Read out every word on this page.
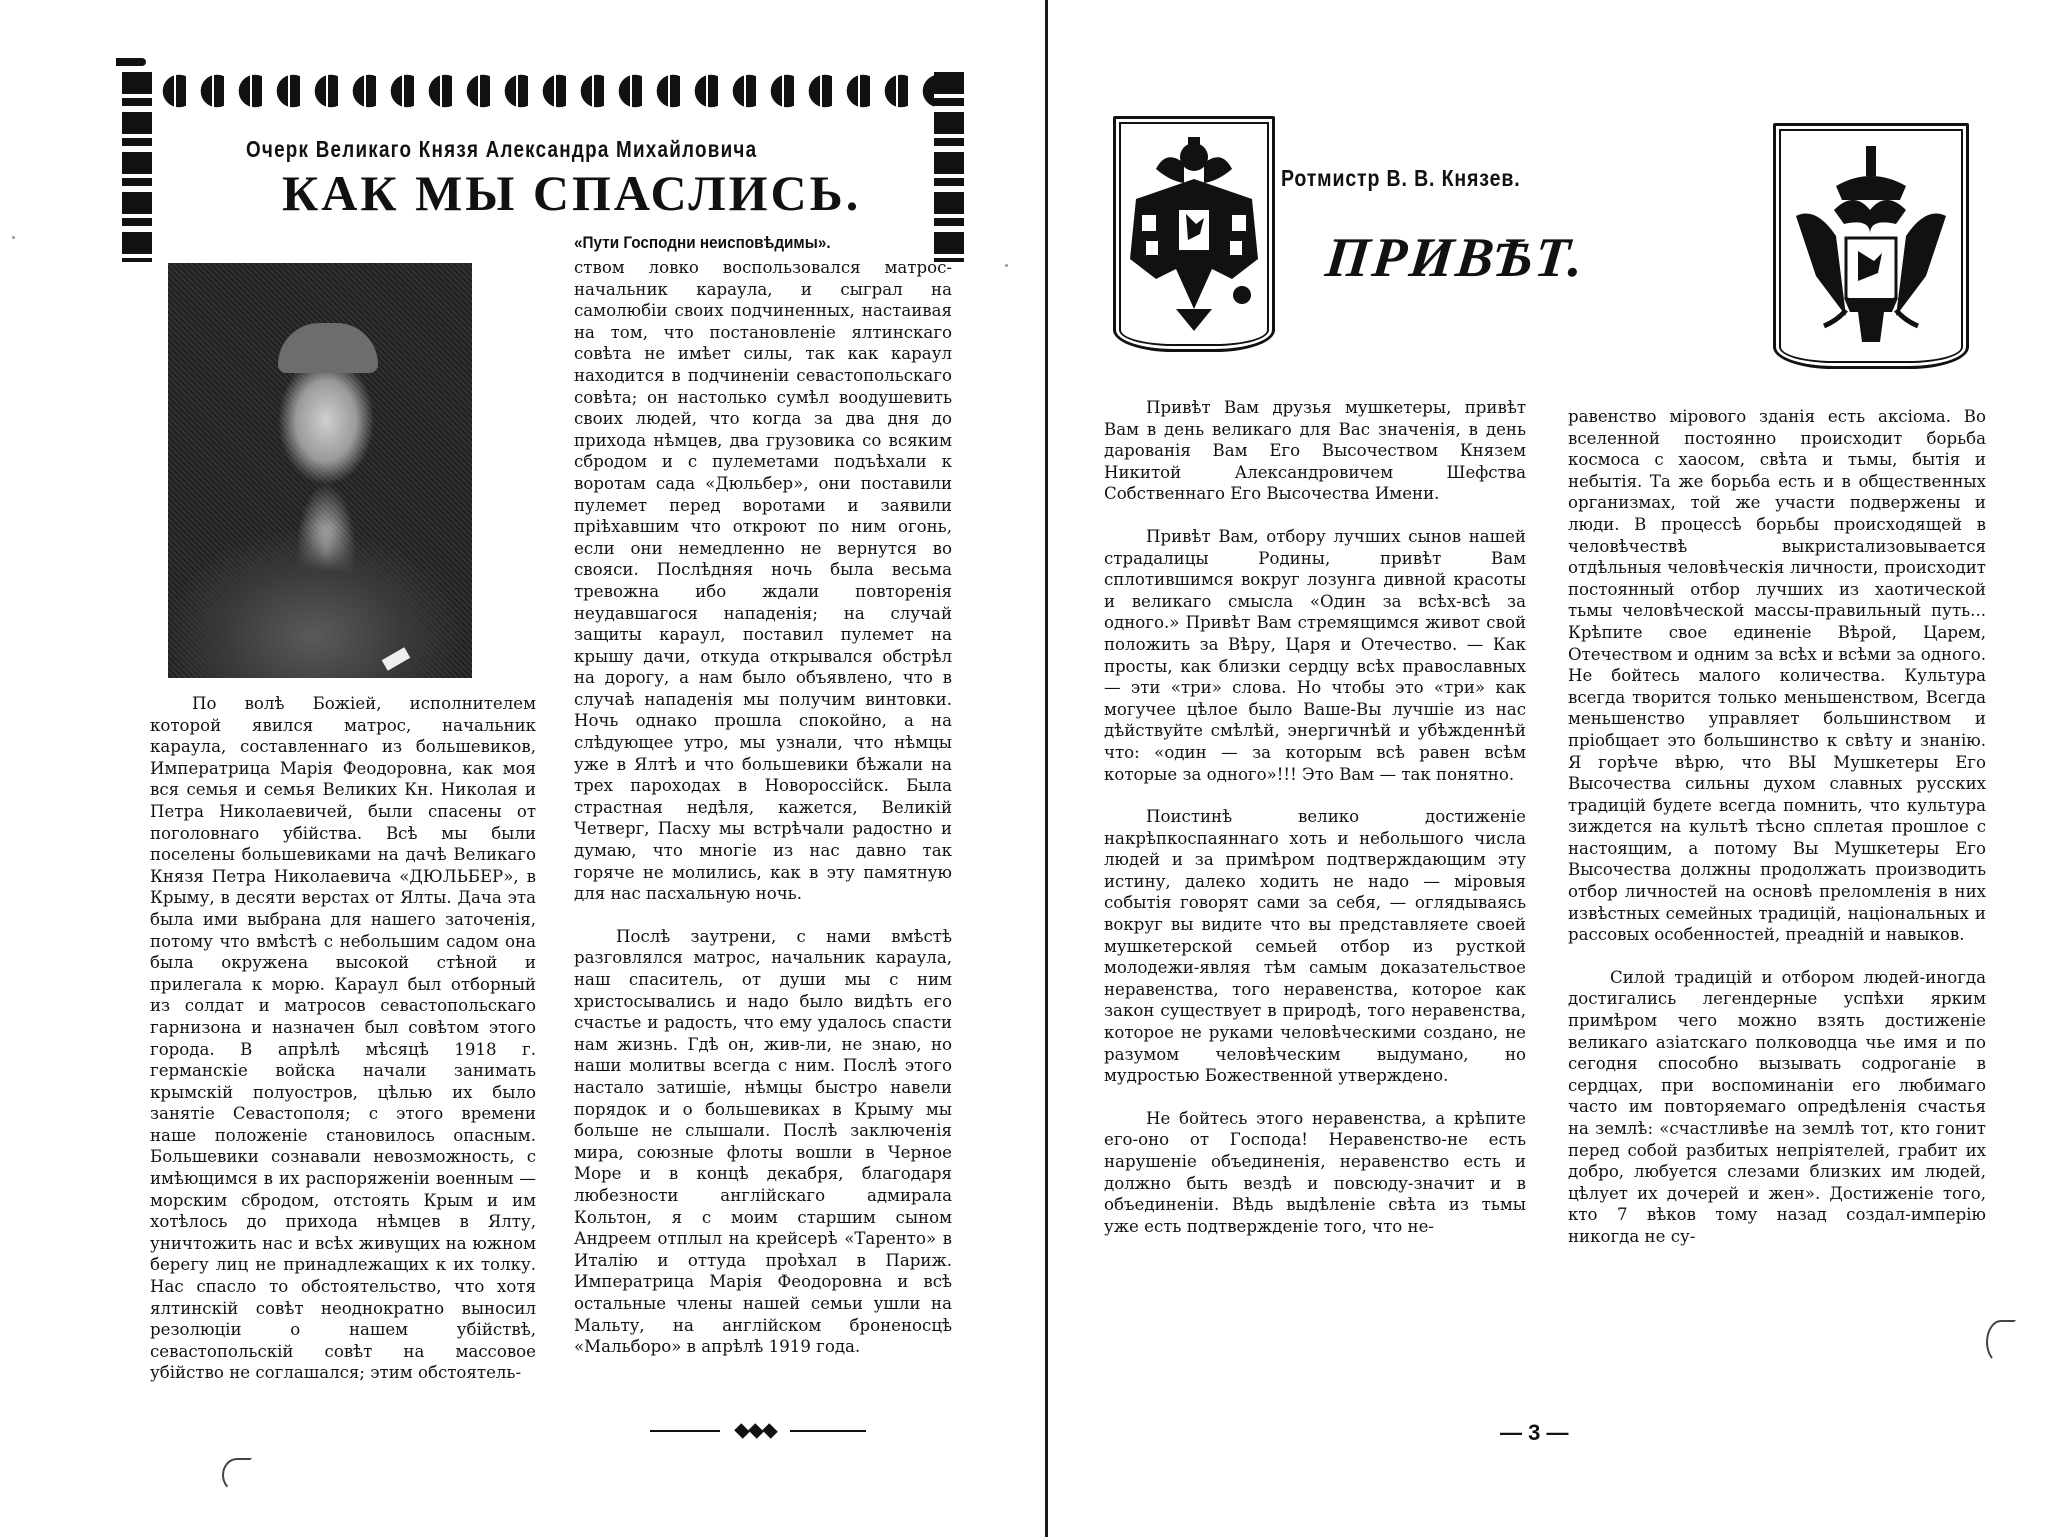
Очерк Великаго Князя Александра Михайловича
КАК МЫ СПАСЛИСЬ.

По волѣ Божіей, исполнителем которой явился матрос, начальник караула, составленнаго из большевиков, Императрица Марія Феодоровна, как моя вся семья и семья Великих Кн. Николая и Петра Николаевичей, были спасены от поголовнаго убійства. Всѣ мы были поселены большевиками на дачѣ Великаго Князя Петра Николаевича «ДЮЛЬБЕР», в Крыму, в десяти верстах от Ялты. Дача эта была ими выбрана для нашего заточенія, потому что вмѣстѣ с небольшим садом она была окружена высокой стѣной и прилегала к морю. Караул был отборный из солдат и матросов севастопольскаго гарнизона и назначен был совѣтом этого города. В апрѣлѣ мѣсяцѣ 1918 г. германскіе войска начали занимать крымскій полуостров, цѣлью их было занятіе Севастополя; с этого времени наше положеніе становилось опасным. Большевики сознавали невозможность, с имѣющимся в их распоряженіи военным — морским сбродом, отстоять Крым и им хотѣлось до прихода нѣмцев в Ялту, уничтожить нас и всѣх живущих на южном берегу лиц не принадлежащих к их толку. Нас спасло то обстоятельство, что хотя ялтинскій совѣт неоднократно выносил резолюціи о нашем убійствѣ, севастопольскій совѣт на массовое убійство не соглашался; этим обстоятель-

«Пути Господни неисповѣдимы».

ством ловко воспользовался матрос-начальник караула, и сыграл на самолюбіи своих подчиненных, настаивая на том, что постановленіе ялтинскаго совѣта не имѣет силы, так как караул находится в подчиненіи севастопольскаго совѣта; он настолько сумѣл воодушевить своих людей, что когда за два дня до прихода нѣмцев, два грузовика со всяким сбродом и с пулеметами подъѣхали к воротам сада «Дюльбер», они поставили пулемет перед воротами и заявили пріѣхавшим что откроют по ним огонь, если они немедленно не вернутся во свояси. Послѣдняя ночь была весьма тревожна ибо ждали повторенія неудавшагося нападенія; на случай защиты караул, поставил пулемет на крышу дачи, откуда открывался обстрѣл на дорогу, а нам было объявлено, что в случаѣ нападенія мы получим винтовки. Ночь однако прошла спокойно, а на слѣдующее утро, мы узнали, что нѣмцы уже в Ялтѣ и что большевики бѣжали на трех пароходах в Новороссійск. Была страстная недѣля, кажется, Великій Четверг, Пасху мы встрѣчали радостно и думаю, что многіе из нас давно так горяче не молились, как в эту памятную для нас пасхальную ночь.

Послѣ заутрени, с нами вмѣстѣ разговлялся матрос, начальник караула, наш спаситель, от души мы с ним христосывались и надо было видѣть его счастье и радость, что ему удалось спасти нам жизнь. Гдѣ он, жив-ли, не знаю, но наши молитвы всегда с ним. Послѣ этого настало затишіе, нѣмцы быстро навели порядок и о большевиках в Крыму мы больше не слышали. Послѣ заключенія мира, союзные флоты вошли в Черное Море и в концѣ декабря, благодаря любезности англійскаго адмирала Кольтон, я с моим старшим сыном Андреем отплыл на крейсерѣ «Таренто» в Италію и оттуда проѣхал в Париж. Императрица Марія Феодоровна и всѣ остальные члены нашей семьи ушли на Мальту, на англійском броненосцѣ «Мальборо» в апрѣлѣ 1919 года.

Ротмистр В. В. Князев.
ПРИВѢТ.

Привѣт Вам друзья мушкетеры, привѣт Вам в день великаго для Вас значенія, в день дарованія Вам Его Высочеством Князем Никитой Александровичем Шефства Собственнаго Его Высочества Имени.

Привѣт Вам, отбору лучших сынов нашей страдалицы Родины, привѣт Вам сплотившимся вокруг лозунга дивной красоты и великаго смысла «Один за всѣх-всѣ за одного.» Привѣт Вам стремящимся живот свой положить за Вѣру, Царя и Отечество. — Как просты, как близки сердцу всѣх православных — эти «три» слова. Но чтобы это «три» как могучее цѣлое было Ваше-Вы лучшіе из нас дѣйствуйте смѣлѣй, энергичнѣй и убѣжденнѣй что: «один — за которым всѣ равен всѣм которые за одного»!!! Это Вам — так понятно.

Поистинѣ велико достиженіе накрѣпкоспаяннаго хоть и небольшого числа людей и за примѣром подтверждающим эту истину, далеко ходить не надо — міровыя событія говорят сами за себя, — оглядываясь вокруг вы видите что вы представляете своей мушкетерской семьей отбор из русткой молодежи-являя тѣм самым доказательствое неравенства, того неравенства, которое как закон существует в природѣ, того неравенства, которое не руками человѣческими создано, не разумом человѣческим выдумано, но мудростью Божественной утверждено.

Не бойтесь этого неравенства, а крѣпите его-оно от Господа! Неравенство-не есть нарушеніе объединенія, неравенство есть и должно быть вездѣ и повсюду-значит и в объединеніи. Вѣдь выдѣленіе свѣта из тьмы уже есть подтвержденіе того, что не-

равенство мірового зданія есть аксіома. Во вселенной постоянно происходит борьба космоса с хаосом, свѣта и тьмы, бытія и небытія. Та же борьба есть и в общественных организмах, той же участи подвержены и люди. В процессѣ борьбы происходящей в человѣчествѣ выкристализовывается отдѣльныя человѣческія личности, происходит постоянный отбор лучших из хаотической тьмы человѣческой массы-правильный путь... Крѣпите свое единеніе Вѣрой, Царем, Отечеством и одним за всѣх и всѣми за одного. Не бойтесь малого количества. Культура всегда творится только меньшенством, Всегда меньшенство управляет большинством и пріобщает это большинство к свѣту и знанію. Я горѣче вѣрю, что ВЫ Мушкетеры Его Высочества сильны духом славных русских традицій будете всегда помнить, что культура зиждется на культѣ тѣсно сплетая прошлое с настоящим, а потому Вы Мушкетеры Его Высочества должны продолжать производить отбор личностей на основѣ преломленія в них извѣстных семейных традицій, національных и рассовых особенностей, преаднiй и навыков.

Силой традицій и отбором людей-иногда достигались легендерные успѣхи ярким примѣром чего можно взять достиженіе великаго азіатскаго полководца чье имя и по сегодня способно вызывать содроганіе в сердцах, при воспоминаніи его любимаго часто им повторяемаго опредѣленія счастья на землѣ: «счастливѣе на землѣ тот, кто гонит перед собой разбитых непріятелей, грабит их добро, любуется слезами близких им людей, цѣлует их дочерей и жен». Достиженіе того, кто 7 вѣков тому назад создал-имперію никогда не су-

— 3 —
